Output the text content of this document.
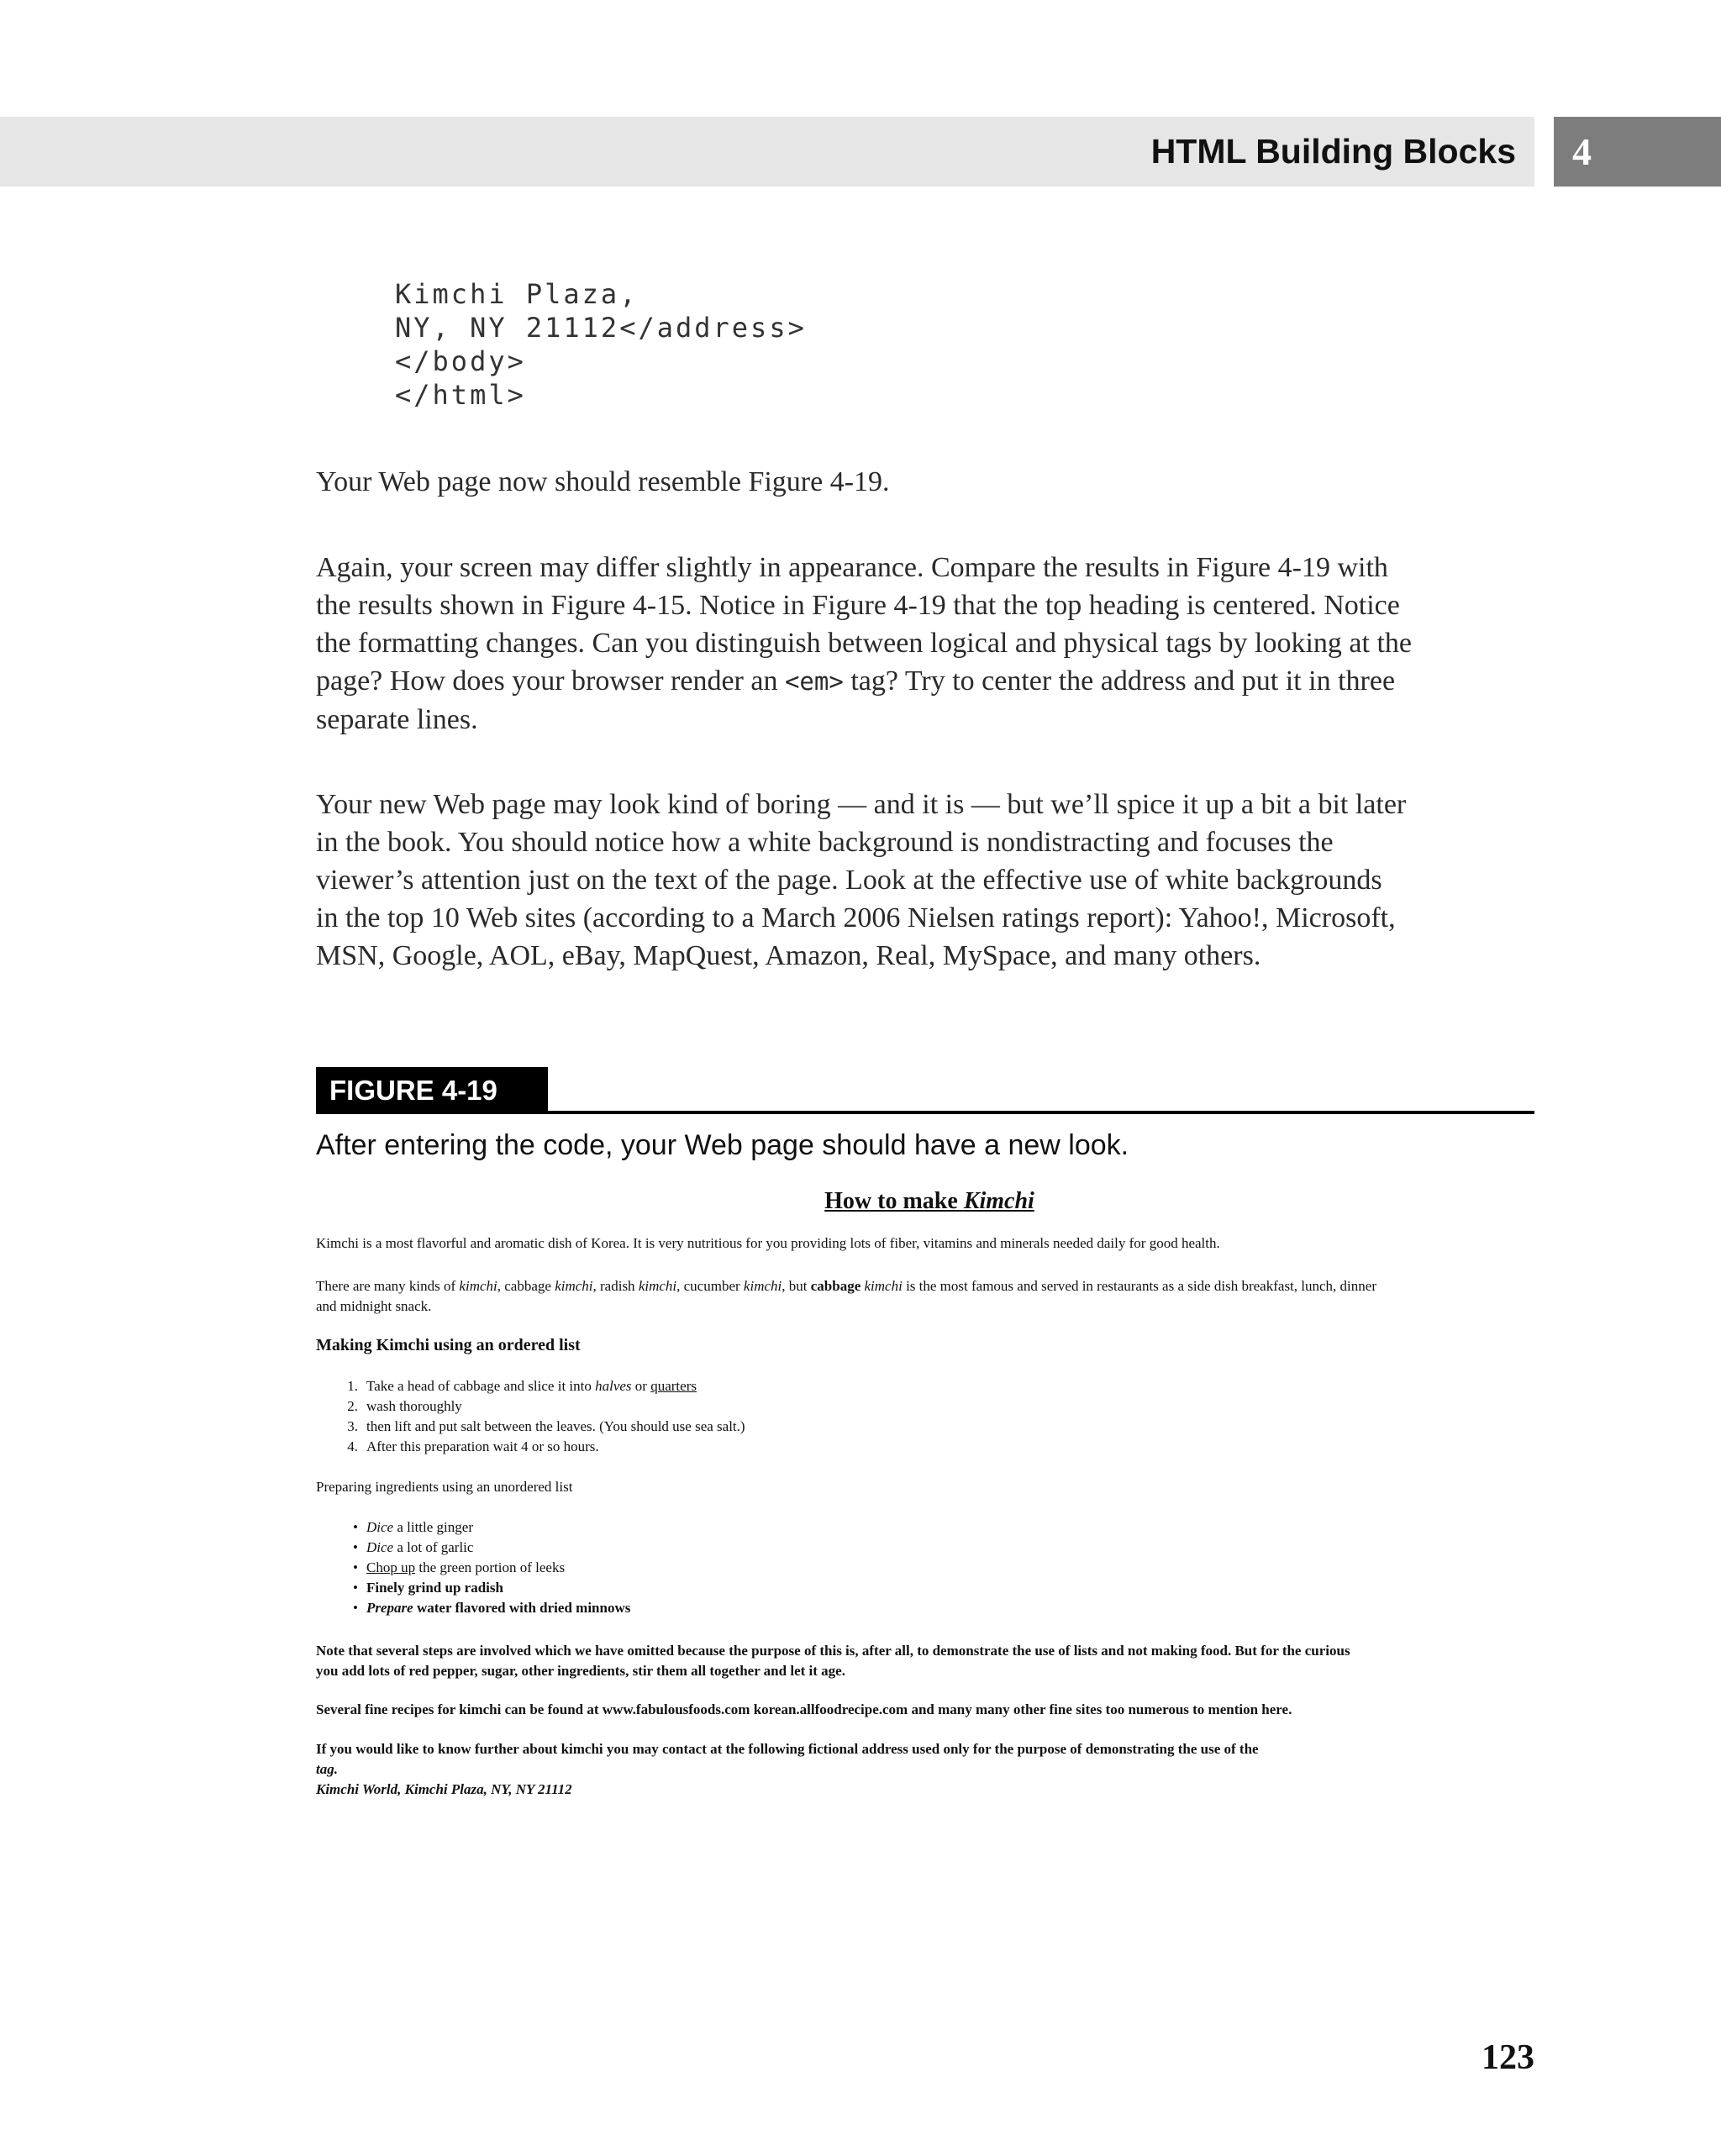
HTML Building Blocks 4
Kimchi Plaza,
NY, NY 21112</address>
</body>
</html>
Your Web page now should resemble Figure 4-19.
Again, your screen may differ slightly in appearance. Compare the results in Figure 4-19 with
the results shown in Figure 4-15. Notice in Figure 4-19 that the top heading is centered. Notice
the formatting changes. Can you distinguish between logical and physical tags by looking at the
page? How does your browser render an <em> tag? Try to center the address and put it in three
separate lines.
Your new Web page may look kind of boring — and it is — but we’ll spice it up a bit a bit later
in the book. You should notice how a white background is nondistracting and focuses the
viewer’s attention just on the text of the page. Look at the effective use of white backgrounds
in the top 10 Web sites (according to a March 2006 Nielsen ratings report): Yahoo!, Microsoft,
MSN, Google, AOL, eBay, MapQuest, Amazon, Real, MySpace, and many others.
FIGURE 4-19
After entering the code, your Web page should have a new look.
How to make Kimchi
Kimchi is a most flavorful and aromatic dish of Korea. It is very nutritious for you providing lots of fiber, vitamins and minerals needed daily for good health.
There are many kinds of kimchi, cabbage kimchi, radish kimchi, cucumber kimchi, but cabbage kimchi is the most famous and served in restaurants as a side dish breakfast, lunch, dinner
and midnight snack.
Making Kimchi using an ordered list
1. Take a head of cabbage and slice it into halves or quarters
2. wash thoroughly
3. then lift and put salt between the leaves. (You should use sea salt.)
4. After this preparation wait 4 or so hours.
Preparing ingredients using an unordered list
• Dice a little ginger
• Dice a lot of garlic
• Chop up the green portion of leeks
• Finely grind up radish
• Prepare water flavored with dried minnows
Note that several steps are involved which we have omitted because the purpose of this is, after all, to demonstrate the use of lists and not making food. But for the curious
you add lots of red pepper, sugar, other ingredients, stir them all together and let it age.
Several fine recipes for kimchi can be found at www.fabulousfoods.com korean.allfoodrecipe.com and many many other fine sites too numerous to mention here.
If you would like to know further about kimchi you may contact at the following fictional address used only for the purpose of demonstrating the use of the
tag.
Kimchi World, Kimchi Plaza, NY, NY 21112
123
